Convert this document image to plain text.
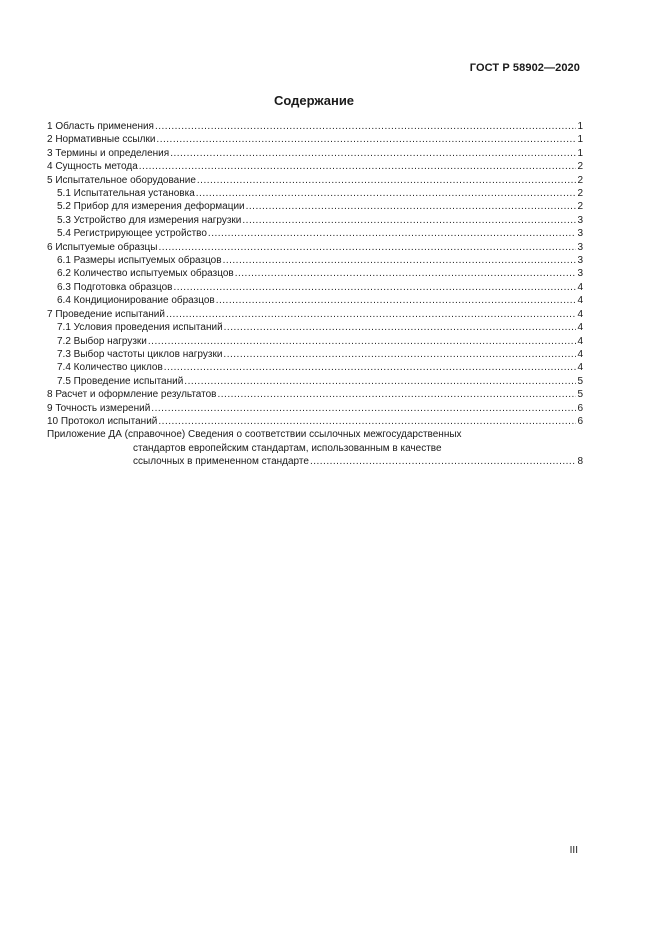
ГОСТ Р 58902—2020
Содержание
1 Область применения .....	1
2 Нормативные ссылки .....	1
3 Термины и определения .....	1
4 Сущность метода .....	2
5 Испытательное оборудование .....	2
5.1 Испытательная установка .....	2
5.2 Прибор для измерения деформации .....	2
5.3 Устройство для измерения нагрузки .....	3
5.4 Регистрирующее устройство .....	3
6 Испытуемые образцы .....	3
6.1 Размеры испытуемых образцов .....	3
6.2 Количество испытуемых образцов .....	3
6.3 Подготовка образцов .....	4
6.4 Кондиционирование образцов .....	4
7 Проведение испытаний .....	4
7.1 Условия проведения испытаний .....	4
7.2 Выбор нагрузки .....	4
7.3 Выбор частоты циклов нагрузки .....	4
7.4 Количество циклов .....	4
7.5 Проведение испытаний .....	5
8 Расчет и оформление результатов .....	5
9 Точность измерений .....	6
10 Протокол испытаний .....	6
Приложение ДА (справочное) Сведения о соответствии ссылочных межгосударственных
стандартов европейским стандартам, использованным в качестве
ссылочных в примененном стандарте .....	8
III
